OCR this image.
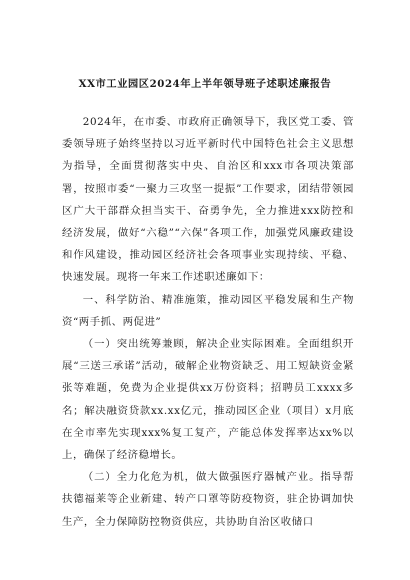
XX市工业园区2024年上半年领导班子述职述廉报告

2024年，在市委、市政府正确领导下，我区党工委、管委领导班子始终坚持以习近平新时代中国特色社会主义思想为指导，全面贯彻落实中央、自治区和xxx市各项决策部署，按照市委“一聚力三攻坚一提振”工作要求，团结带领园区广大干部群众担当实干、奋勇争先，全力推进xxx防控和经济发展，做好“六稳”“六保”各项工作，加强党风廉政建设和作风建设，推动园区经济社会各项事业实现持续、平稳、快速发展。现将一年来工作述职述廉如下：

一、科学防治、精准施策，推动园区平稳发展和生产物资“两手抓、两促进”

（一）突出统筹兼顾，解决企业实际困难。全面组织开展“三送三承诺”活动，破解企业物资缺乏、用工短缺资金紧张等难题，免费为企业提供xx万份资料；招聘员工xxxx多名；解决融资贷款xx.xx亿元，推动园区企业（项目）x月底在全市率先实现xxx%复工复产，产能总体发挥率达xx%以上，确保了经济稳增长。

（二）全力化危为机，做大做强医疗器械产业。指导帮扶德福莱等企业新建、转产口罩等防疫物资，驻企协调加快生产，全力保障防控物资供应，共协助自治区收储口
